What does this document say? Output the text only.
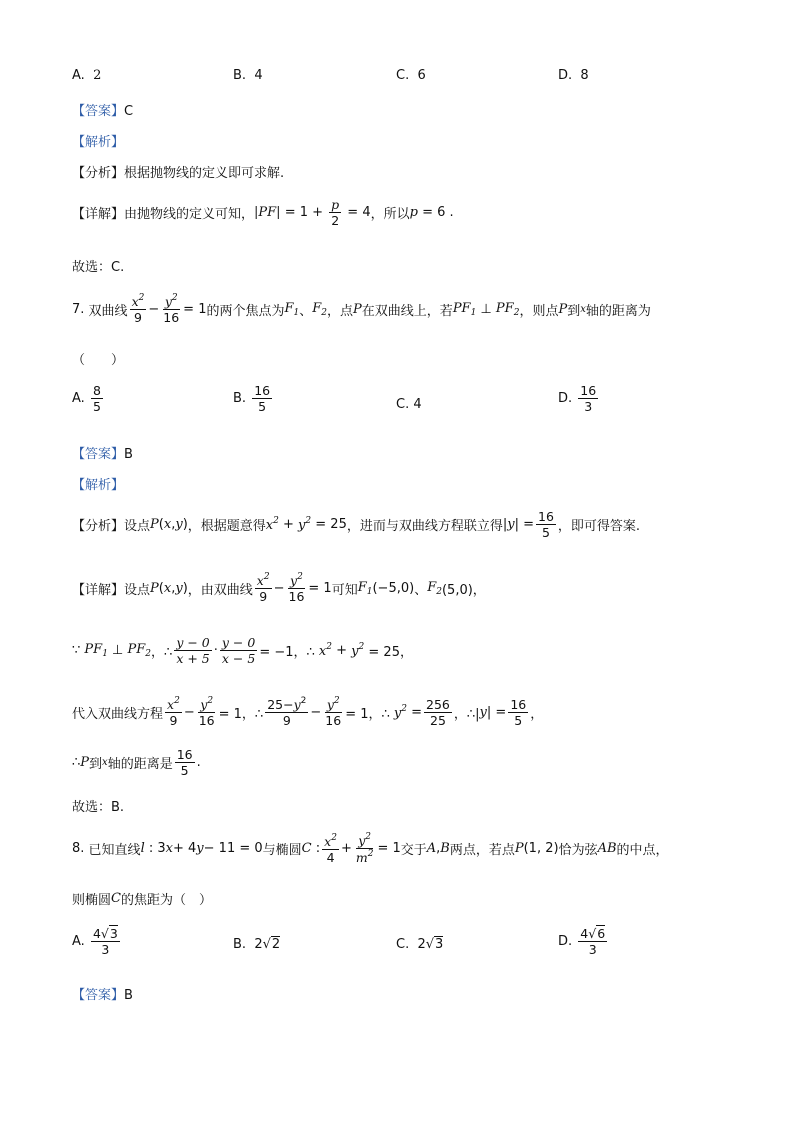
A. 2	B. 4	C. 6	D. 8
【答案】C
【解析】
【分析】根据抛物线的定义即可求解.
【详解】 由抛物线的定义可知， $|PF| = 1 + \frac{p}{2} = 4$ ，所以 p = 6 .
故选：C.
7.
双曲线 $\frac{x^2}{9} - \frac{y^2}{16} = 1$ 的两个焦点为 $F_1$ 、 $F_2$ ，点 P 在双曲线上，若 $PF_1$ ⊥ $PF_2$ ，则点 P 到 x 轴的距离为
（　　）
A.
$\frac{8}{5}$	B.
$\frac{16}{5}$	C. 4	D.
$\frac{16}{3}$
【答案】B
【解析】
【分析】 设点 P ( x , y ) ，根据题意得 $x^2 + y^2 = 25$ ，进而与双曲线方程联立得 | y | = $\frac{16}{5}$ ，即可得答案.
【详解】 设点 P ( x , y ) ，由双曲线 $\frac{x^2}{9} - \frac{y^2}{16} = 1$ 可知 $F_1$ (−5,0) 、 $F_2$ (5,0)，
∵ $PF_1$ ⊥ $PF_2$ ，∴ $\frac{y - 0}{x + 5} \cdot \frac{y - 0}{x - 5} = -1$，∴ $x^2 + y^2 = 25$，
代入双曲线方程 $\frac{x^2}{9} - \frac{y^2}{16} = 1$，∴ $\frac{25-y^2}{9} - \frac{y^2}{16} = 1$，∴ $y^2 = \frac{256}{25}$ ，∴| y | = $\frac{16}{5}$ ，
∴ P 到 x 轴的距离是 $\frac{16}{5}$ .
故选：B.
8.
已知直线 l : 3 x + 4 y − 11 = 0 与椭圆 C : $\frac{x^2}{4} + \frac{y^2}{m^2} = 1$ 交于 A , B 两点，若点 P (1, 2) 恰为弦 AB 的中点，
则椭圆 C 的焦距为（　）
A.
$\frac{4√3}{3}$	B.  2√2	C.  2√3	D.
$\frac{4√6}{3}$
【答案】B
